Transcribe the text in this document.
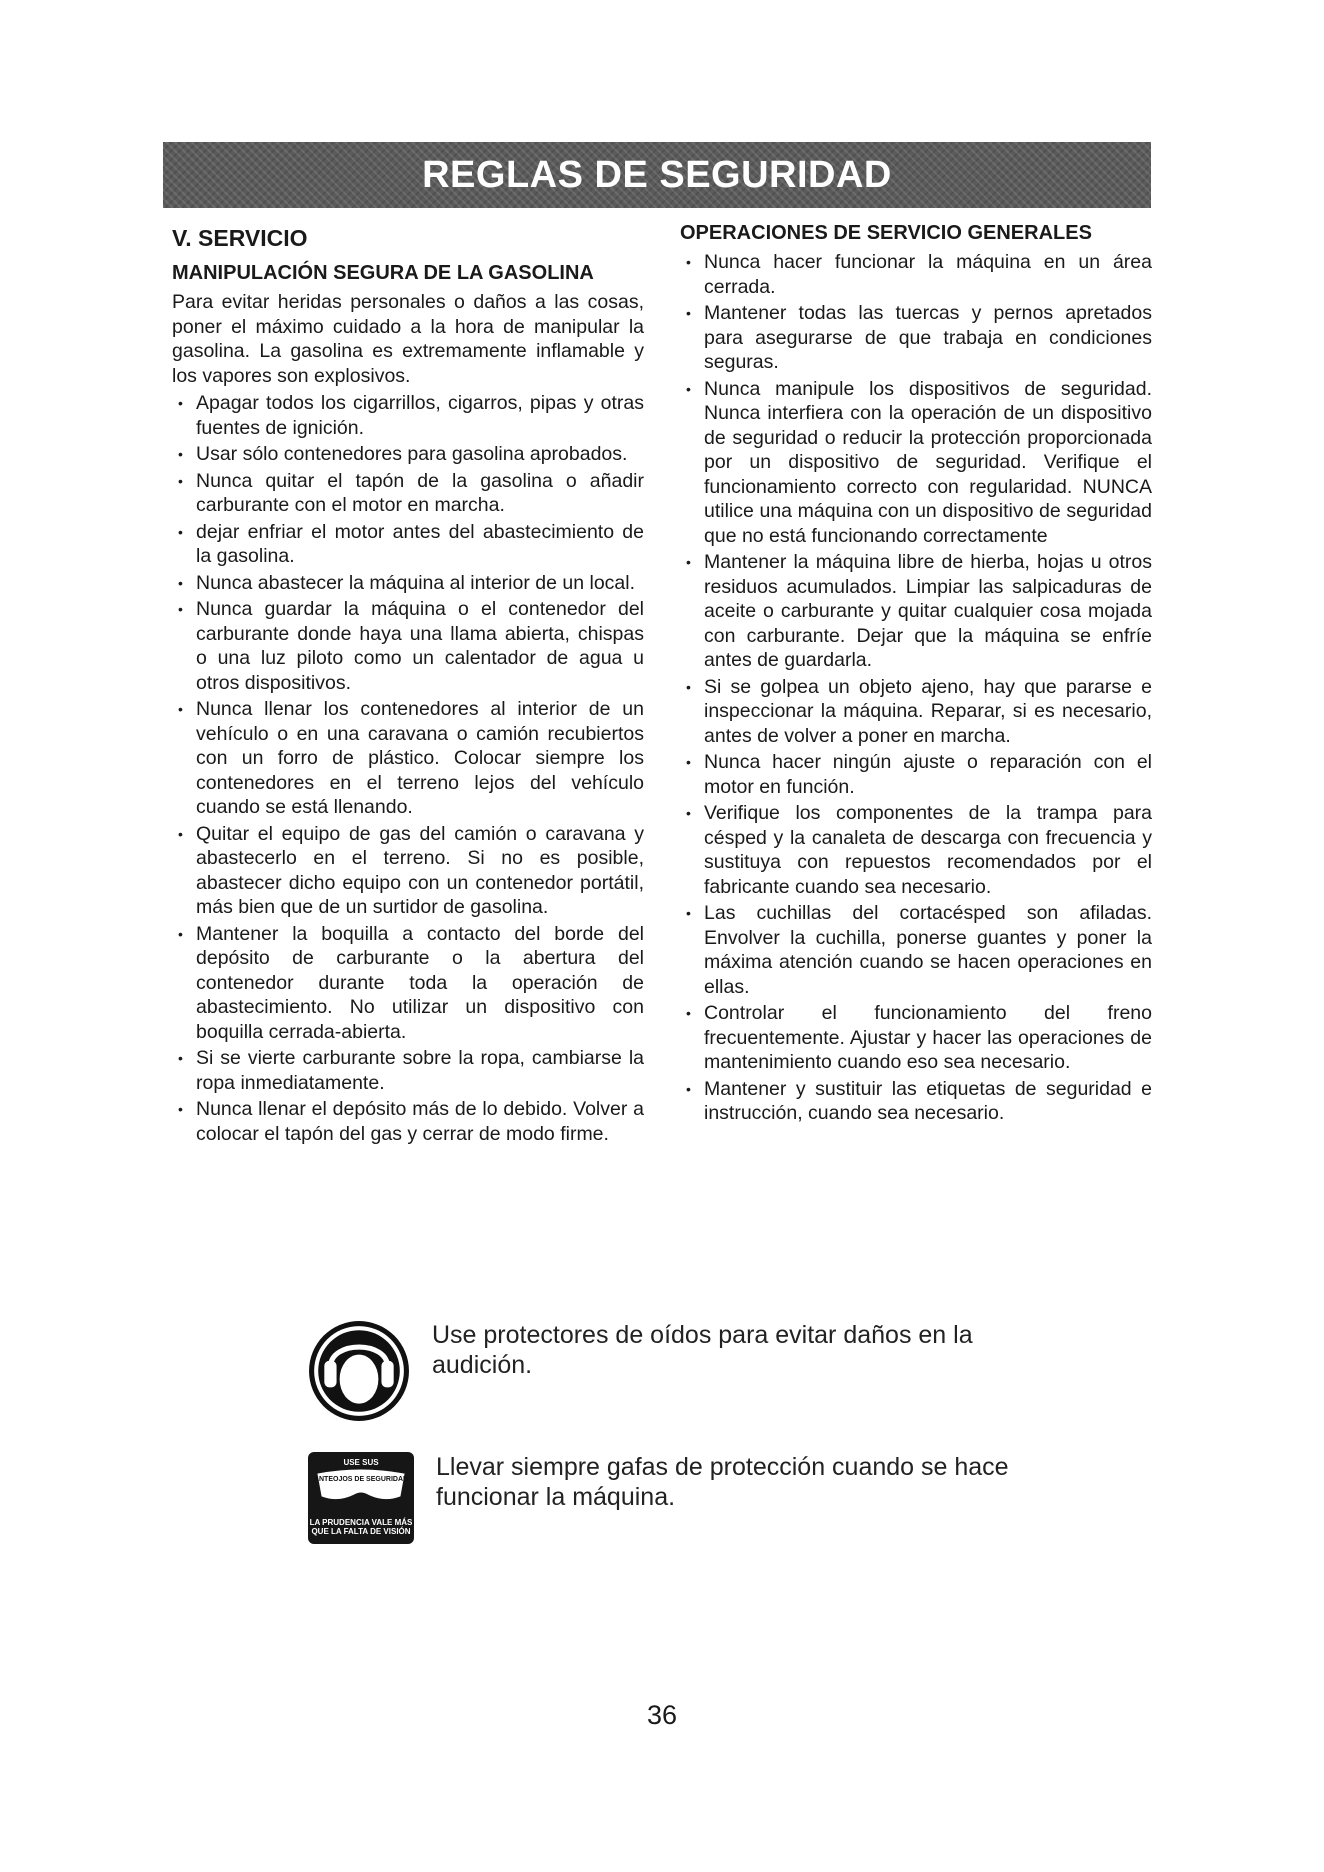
REGLAS DE SEGURIDAD
V. SERVICIO
MANIPULACIÓN SEGURA DE LA GASOLINA

Para evitar heridas personales o daños a las cosas, poner el máximo cuidado a la hora de manipular la gasolina. La gasolina es extremamente inflamable y los vapores son explosivos.

• Apagar todos los cigarrillos, cigarros, pipas y otras fuentes de ignición.
• Usar sólo contenedores para gasolina aprobados.
• Nunca quitar el tapón de la gasolina o añadir carburante con el motor en marcha.
• dejar enfriar el motor antes del abastecimiento de la gasolina.
• Nunca abastecer la máquina al interior de un local.
• Nunca guardar la máquina o el contenedor del carburante donde haya una llama abierta, chispas o una luz piloto como un calentador de agua u otros dispositivos.
• Nunca llenar los contenedores al interior de un vehículo o en una caravana o camión recubiertos con un forro de plástico. Colocar siempre los contenedores en el terreno lejos del vehículo cuando se está llenando.
• Quitar el equipo de gas del camión o caravana y abastecerlo en el terreno. Si no es posible, abastecer dicho equipo con un contenedor portátil, más bien que de un surtidor de gasolina.
• Mantener la boquilla a contacto del borde del depósito de carburante o la abertura del contenedor durante toda la operación de abastecimiento. No utilizar un dispositivo con boquilla cerrada-abierta.
• Si se vierte carburante sobre la ropa, cambiarse la ropa inmediatamente.
• Nunca llenar el depósito más de lo debido. Volver a colocar el tapón del gas y cerrar de modo firme.
OPERACIONES DE SERVICIO GENERALES
• Nunca hacer funcionar la máquina en un área cerrada.
• Mantener todas las tuercas y pernos apretados para asegurarse de que trabaja en condiciones seguras.
• Nunca manipule los dispositivos de seguridad. Nunca interfiera con la operación de un dispositivo de seguridad o reducir la protección proporcionada por un dispositivo de seguridad. Verifique el funcionamiento correcto con regularidad. NUNCA utilice una máquina con un dispositivo de seguridad que no está funcionando correctamente
• Mantener la máquina libre de hierba, hojas u otros residuos acumulados. Limpiar las salpicaduras de aceite o carburante y quitar cualquier cosa mojada con carburante. Dejar que la máquina se enfríe antes de guardarla.
• Si se golpea un objeto ajeno, hay que pararse e inspeccionar la máquina. Reparar, si es necesario, antes de volver a poner en marcha.
• Nunca hacer ningún ajuste o reparación con el motor en función.
• Verifique los componentes de la trampa para césped y la canaleta de descarga con frecuencia y sustituya con repuestos recomendados por el fabricante cuando sea necesario.
• Las cuchillas del cortacésped son afiladas. Envolver la cuchilla, ponerse guantes y poner la máxima atención cuando se hacen operaciones en ellas.
• Controlar el funcionamiento del freno frecuentemente. Ajustar y hacer las operaciones de mantenimiento cuando eso sea necesario.
• Mantener y sustituir las etiquetas de seguridad e instrucción, cuando sea necesario.
Use protectores de oídos para evitar daños en la audición.
USE SUS
ANTEOJOS DE SEGURIDAD
LA PRUDENCIA VALE MÁS QUE LA FALTA DE VISIÓN
Llevar siempre gafas de protección cuando se hace funcionar la máquina.
36
